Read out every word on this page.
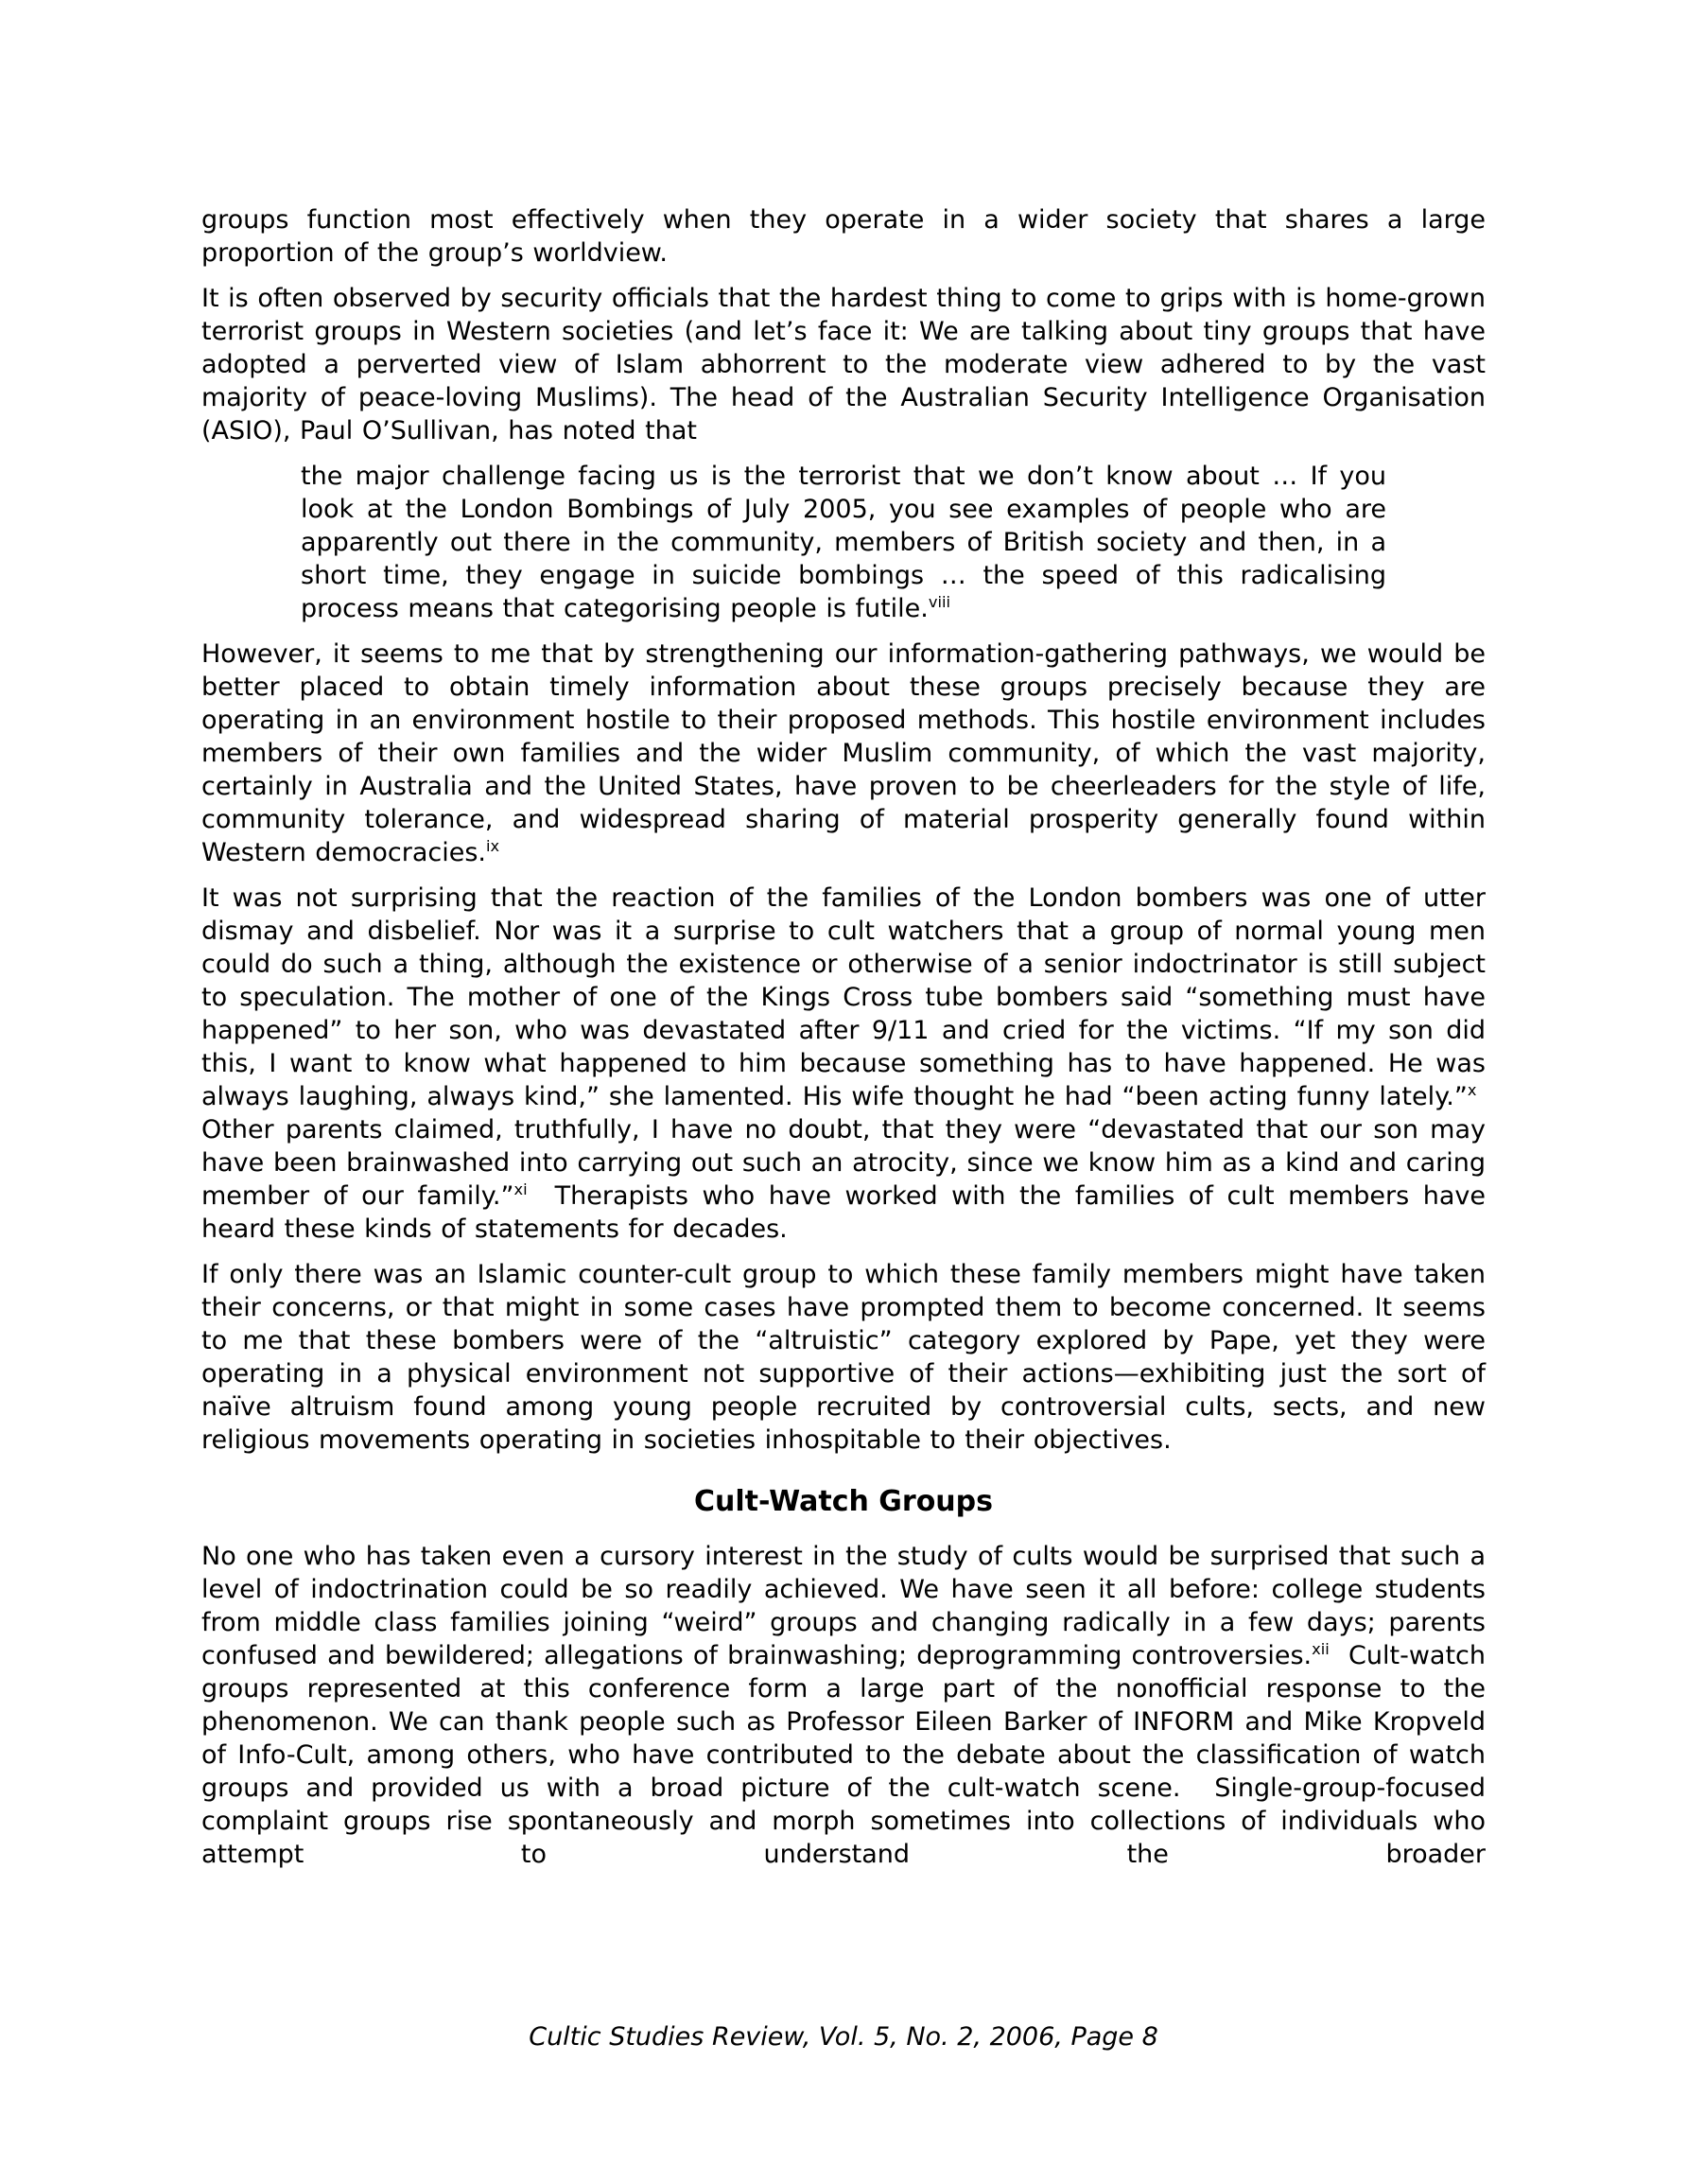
groups function most effectively when they operate in a wider society that shares a large proportion of the group’s worldview.

It is often observed by security officials that the hardest thing to come to grips with is home-grown terrorist groups in Western societies (and let’s face it: We are talking about tiny groups that have adopted a perverted view of Islam abhorrent to the moderate view adhered to by the vast majority of peace-loving Muslims). The head of the Australian Security Intelligence Organisation (ASIO), Paul O’Sullivan, has noted that

the major challenge facing us is the terrorist that we don’t know about … If you look at the London Bombings of July 2005, you see examples of people who are apparently out there in the community, members of British society and then, in a short time, they engage in suicide bombings … the speed of this radicalising process means that categorising people is futile.$^{viii}$

However, it seems to me that by strengthening our information-gathering pathways, we would be better placed to obtain timely information about these groups precisely because they are operating in an environment hostile to their proposed methods. This hostile environment includes members of their own families and the wider Muslim community, of which the vast majority, certainly in Australia and the United States, have proven to be cheerleaders for the style of life, community tolerance, and widespread sharing of material prosperity generally found within Western democracies.$^{ix}$

It was not surprising that the reaction of the families of the London bombers was one of utter dismay and disbelief. Nor was it a surprise to cult watchers that a group of normal young men could do such a thing, although the existence or otherwise of a senior indoctrinator is still subject to speculation. The mother of one of the Kings Cross tube bombers said “something must have happened” to her son, who was devastated after 9/11 and cried for the victims. “If my son did this, I want to know what happened to him because something has to have happened. He was always laughing, always kind,” she lamented. His wife thought he had “been acting funny lately.”$^x$  Other parents claimed, truthfully, I have no doubt, that they were “devastated that our son may have been brainwashed into carrying out such an atrocity, since we know him as a kind and caring member of our family.”$^{xi}$  Therapists who have worked with the families of cult members have heard these kinds of statements for decades.

If only there was an Islamic counter-cult group to which these family members might have taken their concerns, or that might in some cases have prompted them to become concerned. It seems to me that these bombers were of the “altruistic” category explored by Pape, yet they were operating in a physical environment not supportive of their actions—exhibiting just the sort of naïve altruism found among young people recruited by controversial cults, sects, and new religious movements operating in societies inhospitable to their objectives.

Cult-Watch Groups

No one who has taken even a cursory interest in the study of cults would be surprised that such a level of indoctrination could be so readily achieved. We have seen it all before: college students from middle class families joining “weird” groups and changing radically in a few days; parents confused and bewildered; allegations of brainwashing; deprogramming controversies.$^{xii}$  Cult-watch groups represented at this conference form a large part of the nonofficial response to the phenomenon. We can thank people such as Professor Eileen Barker of INFORM and Mike Kropveld of Info-Cult, among others, who have contributed to the debate about the classification of watch groups and provided us with a broad picture of the cult-watch scene.  Single-group-focused complaint groups rise spontaneously and morph sometimes into collections of individuals who attempt to understand the broader

Cultic Studies Review, Vol. 5, No. 2, 2006, Page 8
